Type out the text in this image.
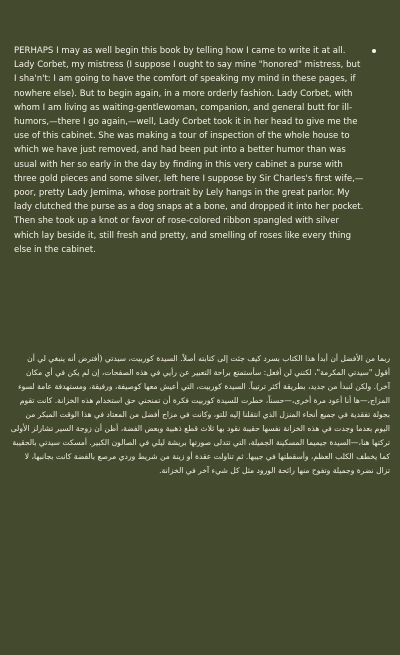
PERHAPS I may as well begin this book by telling how I came to write it at all. Lady Corbet, my mistress (I suppose I ought to say mine "honored" mistress, but I sha'n't: I am going to have the comfort of speaking my mind in these pages, if nowhere else). But to begin again, in a more orderly fashion. Lady Corbet, with whom I am living as waiting-gentlewoman, companion, and general butt for ill-humors,—there I go again,—well, Lady Corbet took it in her head to give me the use of this cabinet. She was making a tour of inspection of the whole house to which we have just removed, and had been put into a better humor than was usual with her so early in the day by finding in this very cabinet a purse with three gold pieces and some silver, left here I suppose by Sir Charles's first wife,—poor, pretty Lady Jemima, whose portrait by Lely hangs in the great parlor. My lady clutched the purse as a dog snaps at a bone, and dropped it into her pocket. Then she took up a knot or favor of rose-colored ribbon spangled with silver which lay beside it, still fresh and pretty, and smelling of roses like every thing else in the cabinet.

ربما من الأفضل أن أبدأ هذا الكتاب بسرد كيف جئت إلى كتابته أصلاً. السيدة كوربيت، سيدتي (أفترض أنه ينبغي لي أن أقول "سيدتي المكرمة"، لكنني لن أفعل: سأستمتع براحة التعبير عن رأيي في هذه الصفحات، إن لم يكن في أي مكان آخر). ولكن لنبدأ من جديد، بطريقة أكثر ترتيباً. السيدة كوربيت، التي أعيش معها كوصيفة، ورفيقة، ومستهدفة عامة لسوء المزاج،—ها أنا أعود مرة أخرى،—حسناً، خطرت للسيدة كوربيت فكرة أن تمنحني حق استخدام هذه الخزانة. كانت تقوم بجولة تفقدية في جميع أنحاء المنزل الذي انتقلنا إليه للتو، وكانت في مزاج أفضل من المعتاد في هذا الوقت المبكر من اليوم بعدما وجدت في هذه الخزانة نفسها حقيبة نقود بها ثلاث قطع ذهبية وبعض الفضة، أظن أن زوجة السير تشارلز الأولى تركتها هنا،—السيدة جيميما المسكينة الجميلة، التي تتدلى صورتها بريشة ليلي في الصالون الكبير. أمسكت سيدتي بالحقيبة كما يخطف الكلب العظم، وأسقطتها في جيبها. ثم تناولت عقدة أو زينة من شريط وردي مرصع بالفضة كانت بجانبها، لا تزال نضرة وجميلة وتفوح منها رائحة الورود مثل كل شيء آخر في الخزانة.
